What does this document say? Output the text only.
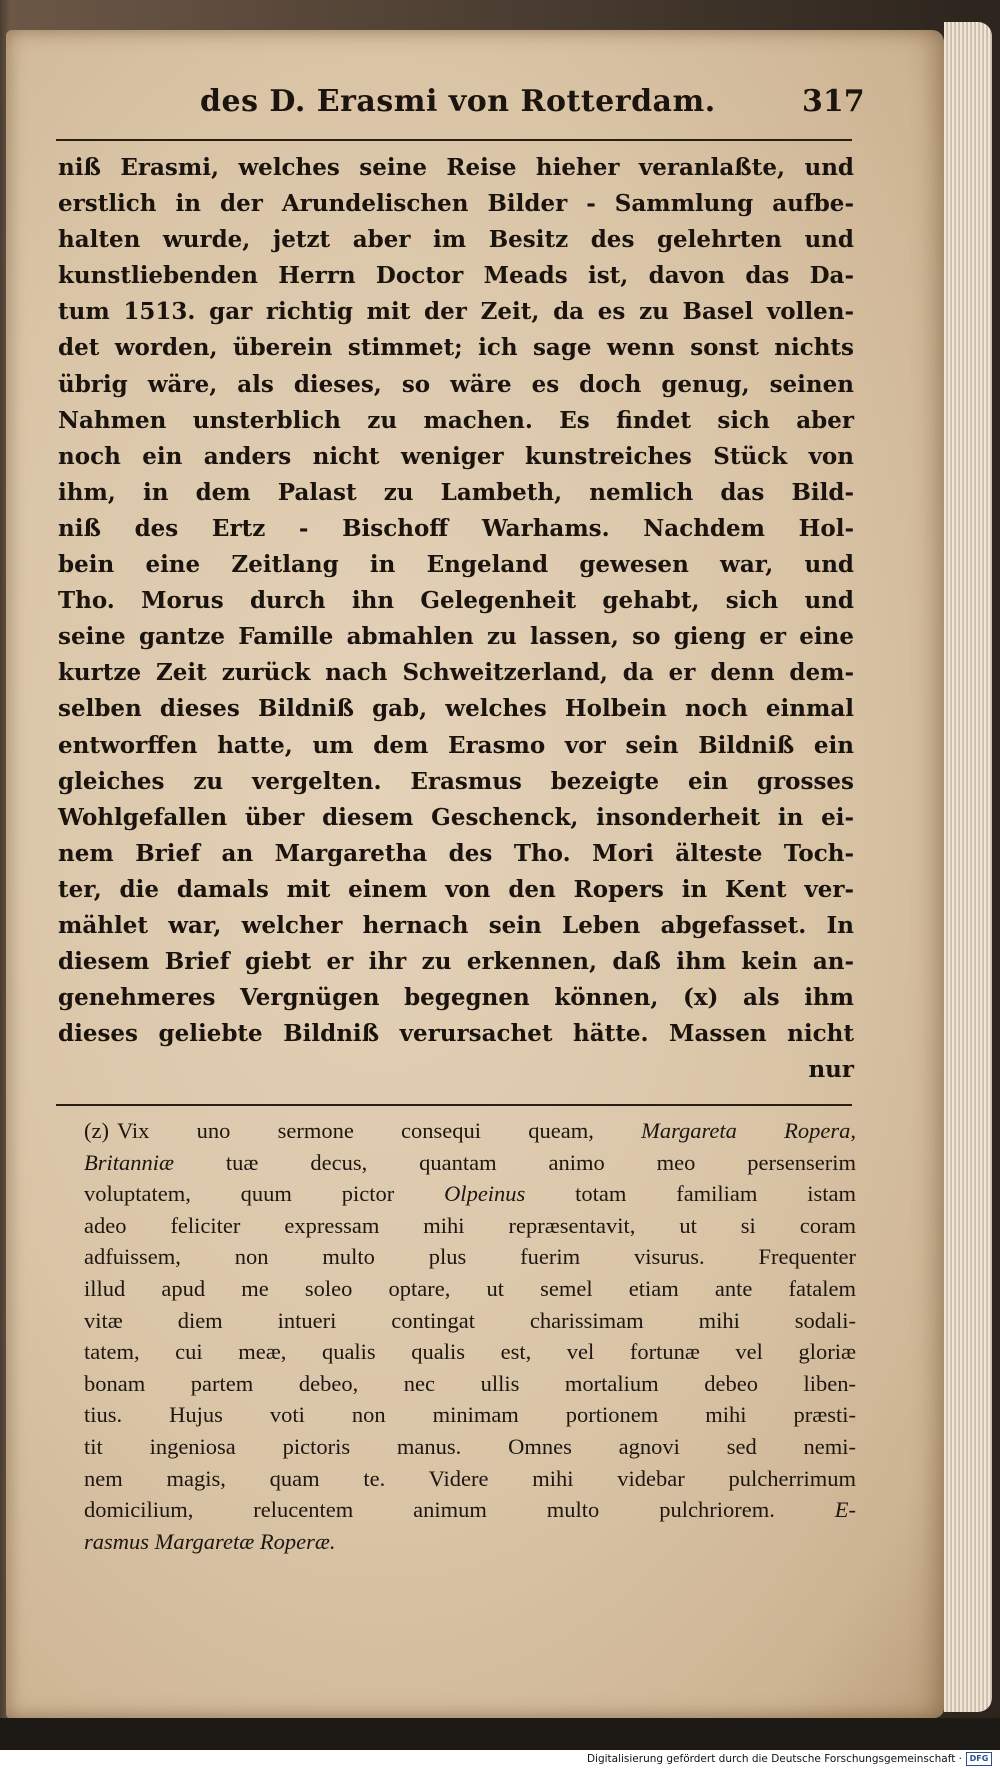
des D. Erasmi von Rotterdam.	317
niß Erasmi, welches seine Reise hieher veranlaßte, und
erstlich in der Arundelischen Bilder - Sammlung aufbe-
halten wurde, jetzt aber im Besitz des gelehrten und
kunstliebenden Herrn Doctor Meads ist, davon das Da-
tum 1513. gar richtig mit der Zeit, da es zu Basel vollen-
det worden, überein stimmet; ich sage wenn sonst nichts
übrig wäre, als dieses, so wäre es doch genug, seinen
Nahmen unsterblich zu machen. Es findet sich aber
noch ein anders nicht weniger kunstreiches Stück von
ihm, in dem Palast zu Lambeth, nemlich das Bild-
niß des Ertz - Bischoff Warhams. Nachdem Hol-
bein eine Zeitlang in Engeland gewesen war, und
Tho. Morus durch ihn Gelegenheit gehabt, sich und
seine gantze Famille abmahlen zu lassen, so gieng er eine
kurtze Zeit zurück nach Schweitzerland, da er denn dem-
selben dieses Bildniß gab, welches Holbein noch einmal
entworffen hatte, um dem Erasmo vor sein Bildniß ein
gleiches zu vergelten. Erasmus bezeigte ein grosses
Wohlgefallen über diesem Geschenck, insonderheit in ei-
nem Brief an Margaretha des Tho. Mori älteste Toch-
ter, die damals mit einem von den Ropers in Kent ver-
mählet war, welcher hernach sein Leben abgefasset. In
diesem Brief giebt er ihr zu erkennen, daß ihm kein an-
genehmeres Vergnügen begegnen können, (x) als ihm
dieses geliebte Bildniß verursachet hätte. Massen nicht
nur
(z) Vix uno sermone consequi queam, Margareta Ropera,
Britanniæ tuæ decus, quantam animo meo persenserim
voluptatem, quum pictor Olpeinus totam familiam istam
adeo feliciter expressam mihi repræsentavit, ut si coram
adfuissem, non multo plus fuerim visurus. Frequenter
illud apud me soleo optare, ut semel etiam ante fatalem
vitæ diem intueri contingat charissimam mihi sodali-
tatem, cui meæ, qualis qualis est, vel fortunæ vel gloriæ
bonam partem debeo, nec ullis mortalium debeo liben-
tius. Hujus voti non minimam portionem mihi præsti-
tit ingeniosa pictoris manus. Omnes agnovi sed nemi-
nem magis, quam te. Videre mihi videbar pulcherrimum
domicilium, relucentem animum multo pulchriorem. E-
rasmus Margaretæ Roperæ.
Digitalisierung gefördert durch die Deutsche Forschungsgemeinschaft · DFG
